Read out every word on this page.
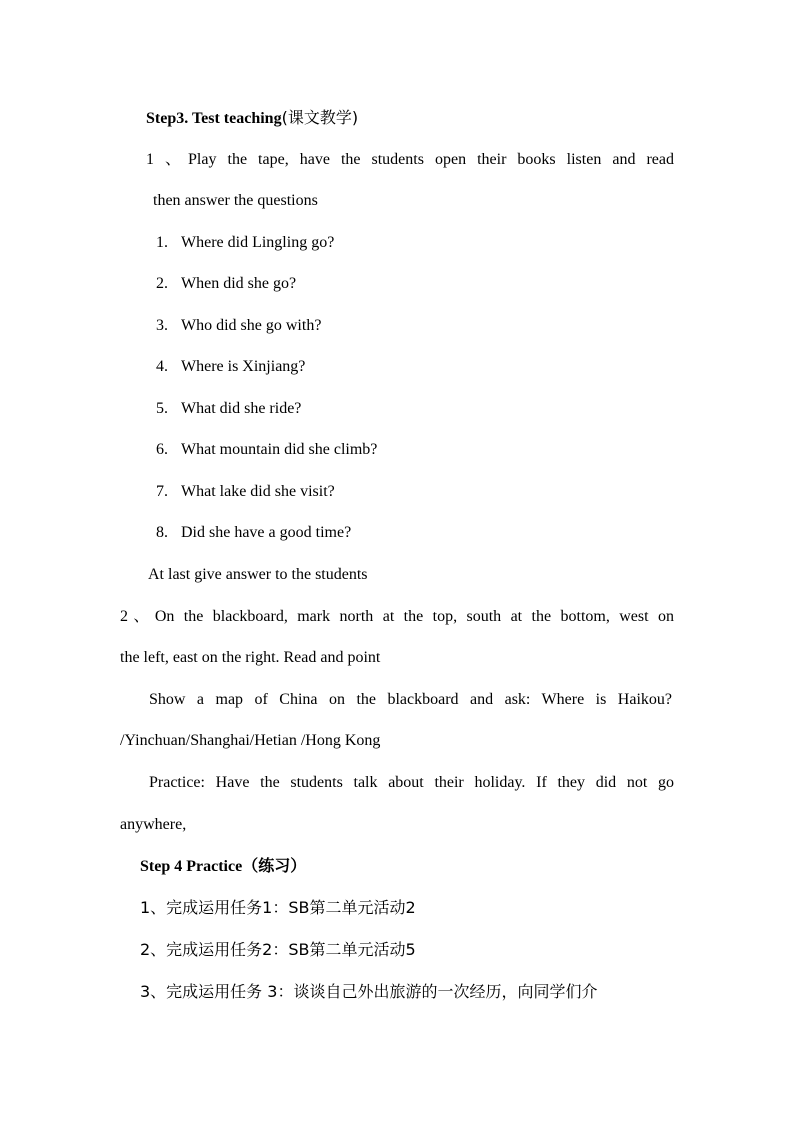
Step3. Test teaching(课文教学)
1 、Play the tape, have the students open their books listen and read
then answer the questions
1. Where did Lingling go?
2. When did she go?
3. Who did she go with?
4. Where is Xinjiang?
5. What did she ride?
6. What mountain did she climb?
7. What lake did she visit?
8. Did she have a good time?
At last give answer to the students
2、On the blackboard, mark north at the top, south at the bottom, west on
the left, east on the right. Read and point
Show a map of China on the blackboard and ask: Where is Haikou?
/Yinchuan/Shanghai/Hetian /Hong Kong
Practice: Have the students talk about their holiday. If they did not go
anywhere,
Step 4 Practice（练习）
1、完成运用任务1：SB第二单元活动2
2、完成运用任务2：SB第二单元活动5
3、完成运用任务 3：谈谈自己外出旅游的一次经历，向同学们介
